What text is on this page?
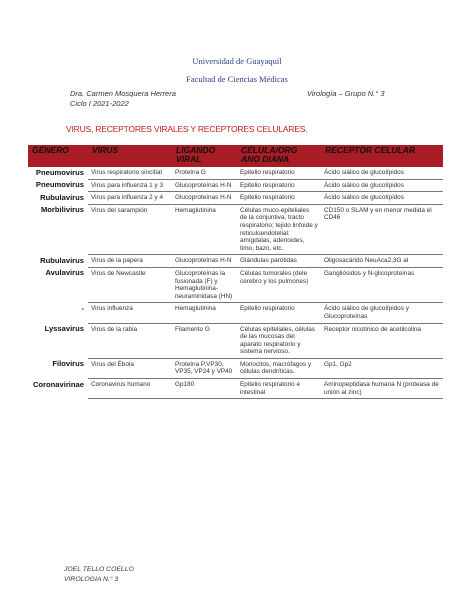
Universidad de Guayaquil
Facultad de Ciencias Médicas
Dra. Carmen Mosquera Herrera
Ciclo I 2021-2022
Virología – Grupo N.° 3
VIRUS, RECEPTORES VIRALES Y RECEPTORES CELULARES.
GÉNERO	VIRUS	LIGANDO VIRAL	CÉLULA/ORG ANO DIANA	RECEPTOR CELULAR
Pneumovirus	Virus respiratorio sincitial	Proteína G	Epitelio respiratorio	Ácido siálico de glucolípidos
Pneumovirus	Virus para influenza 1 y 3	Glucoproteínas H-N	Epitelio respiratorio	Ácido siálico de glucolípidos
Rubulavirus	Virus para influenza 2 y 4	Glucoproteínas H-N	Epitelio respiratorio	Ácido siálico de glucolípidos
Morbilivirus	Virus del sarampión	Hemaglutinina	Células muco-epiteliales de la conjuntiva, tracto respiratorio; tejido linfoide y reticuloendotelial: amígdalas, adenoides, timo, bazo, etc.	CD150 o SLAM y en menor medida el CD46
Rubulavirus	Virus de la papera	Glucoproteínas H-N	Glándulas parótidas	Oligosacárido NeuAca2,3G al
Avulavirus	Virus de Newcastle	Glucoproteínas la fusionada (F) y Hemaglutinina-neuraminidasa (HN)	Células tumorales (dele cerebro y los pulmones)	Gangliósidos y N-glicoproteínas
-	Virus influenza	Hemaglutinina	Epitelio respiratorio	Ácido siálico de glucolípidos y Glucoproteínas
Lyssavirus	Virus de la rabia	Filamento G	Células epiteliales, células de las mucosas del aparato respiratorio y sistema nervioso.	Receptor nicotínico de acetilcolina
Filovirus	Virus del Ébola	Proteína P,VP30, VP35, VP24 y VP40	Monocitos, macrófagos y células dendríticas.	Gp1, Gp2
Coronavirinae	Coronavirus humano	Gp180	Epitelio respiratorio e intestinal	Aminopeptidasa humana N (proteasa de unión al zinc)
JOEL TELLO COELLO
VIROLOGIA N.° 3
